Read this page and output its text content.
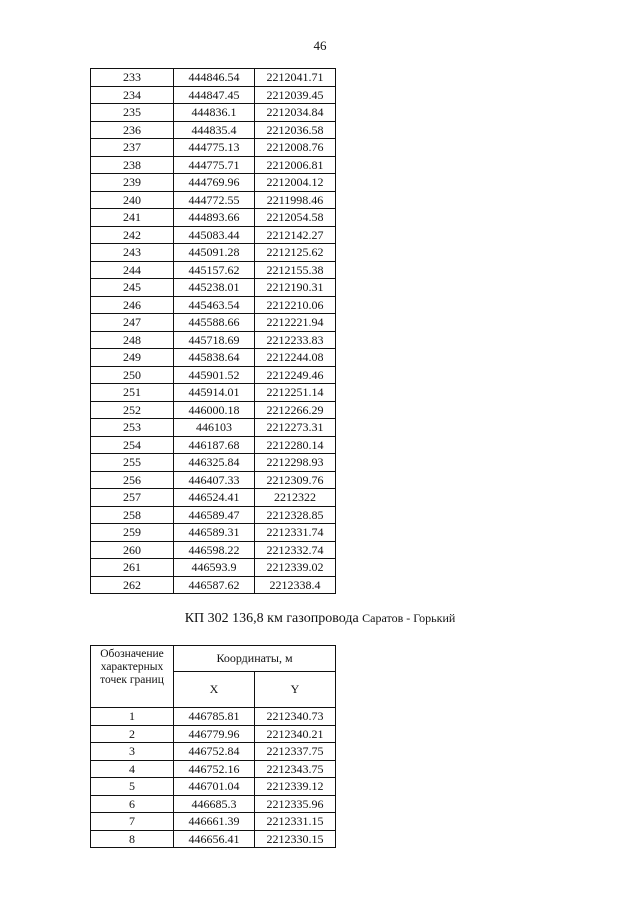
46
233	444846.54	2212041.71
234	444847.45	2212039.45
235	444836.1	2212034.84
236	444835.4	2212036.58
237	444775.13	2212008.76
238	444775.71	2212006.81
239	444769.96	2212004.12
240	444772.55	2211998.46
241	444893.66	2212054.58
242	445083.44	2212142.27
243	445091.28	2212125.62
244	445157.62	2212155.38
245	445238.01	2212190.31
246	445463.54	2212210.06
247	445588.66	2212221.94
248	445718.69	2212233.83
249	445838.64	2212244.08
250	445901.52	2212249.46
251	445914.01	2212251.14
252	446000.18	2212266.29
253	446103	2212273.31
254	446187.68	2212280.14
255	446325.84	2212298.93
256	446407.33	2212309.76
257	446524.41	2212322
258	446589.47	2212328.85
259	446589.31	2212331.74
260	446598.22	2212332.74
261	446593.9	2212339.02
262	446587.62	2212338.4
КП 302 136,8 км газопровода Саратов - Горький
Обозначение характерных точек границ	Координаты, м	
	X	Y
1	446785.81	2212340.73
2	446779.96	2212340.21
3	446752.84	2212337.75
4	446752.16	2212343.75
5	446701.04	2212339.12
6	446685.3	2212335.96
7	446661.39	2212331.15
8	446656.41	2212330.15
